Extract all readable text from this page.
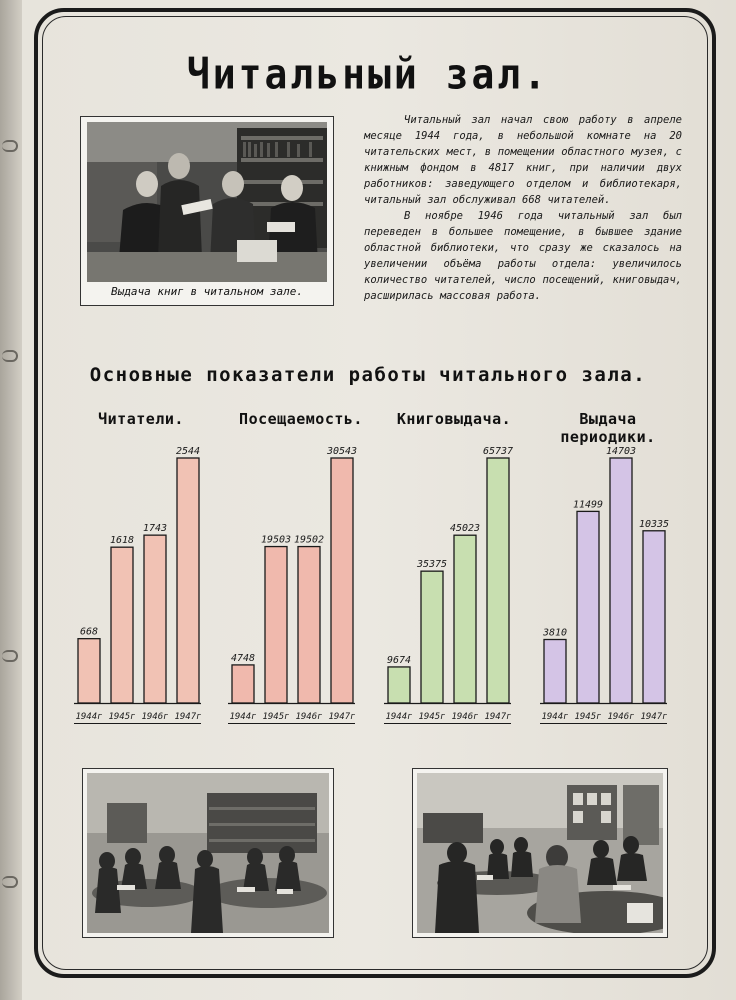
Читальный зал.
Выдача книг в читальном зале.

Читальный зал начал свою работу в апреле месяце 1944 года, в небольшой комнате на 20 читательских мест, в помещении областного музея, с книжным фондом в 4817 книг, при наличии двух работников: заведующего отделом и библиотекаря, читальный зал обслуживал 668 читателей.

В ноябре 1946 года читальный зал был переведен в большее помещение, в бывшее здание областной библиотеки, что сразу же сказалось на увеличении объёма работы отдела: увеличилось количество читателей, число посещений, книговыдач, расширилась массовая работа.

Основные показатели работы читального зала.
Читатели.	Посещаемость.	Книговыдача.	Выдача периодики.
668
1944г
1618
1945г
1743
1946г
2544
1947г
4748
1944г
19503
1945г
19502
1946г
30543
1947г
9674
1944г
35375
1945г
45023
1946г
65737
1947г
3810
1944г
11499
1945г
14703
1946г
10335
1947г
